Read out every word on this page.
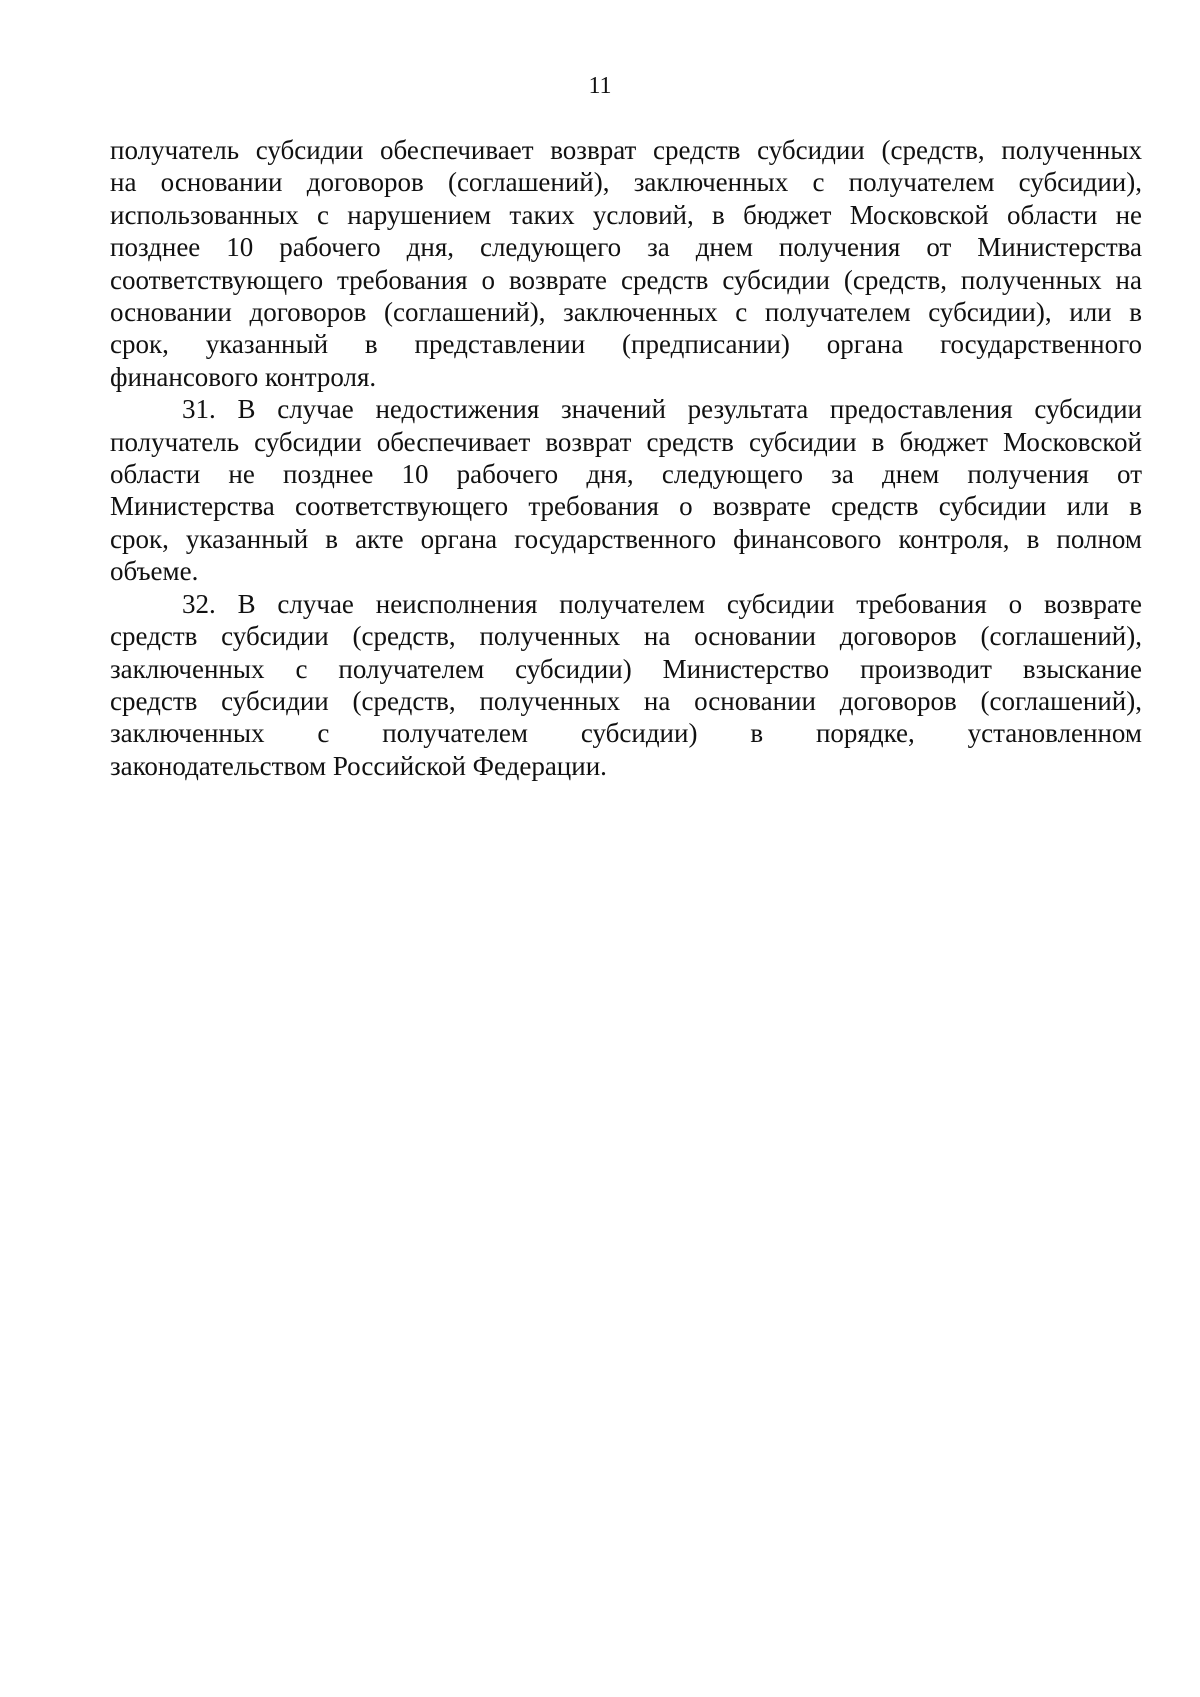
11
получатель субсидии обеспечивает возврат средств субсидии (средств, полученных
на основании договоров (соглашений), заключенных с получателем субсидии),
использованных с нарушением таких условий, в бюджет Московской области не
позднее 10 рабочего дня, следующего за днем получения от Министерства
соответствующего требования о возврате средств субсидии (средств, полученных на
основании договоров (соглашений), заключенных с получателем субсидии), или в
срок, указанный в представлении (предписании) органа государственного
финансового контроля.
31. В случае недостижения значений результата предоставления субсидии
получатель субсидии обеспечивает возврат средств субсидии в бюджет Московской
области не позднее 10 рабочего дня, следующего за днем получения от
Министерства соответствующего требования о возврате средств субсидии или в
срок, указанный в акте органа государственного финансового контроля, в полном
объеме.
32. В случае неисполнения получателем субсидии требования о возврате
средств субсидии (средств, полученных на основании договоров (соглашений),
заключенных с получателем субсидии) Министерство производит взыскание
средств субсидии (средств, полученных на основании договоров (соглашений),
заключенных с получателем субсидии) в порядке, установленном
законодательством Российской Федерации.
